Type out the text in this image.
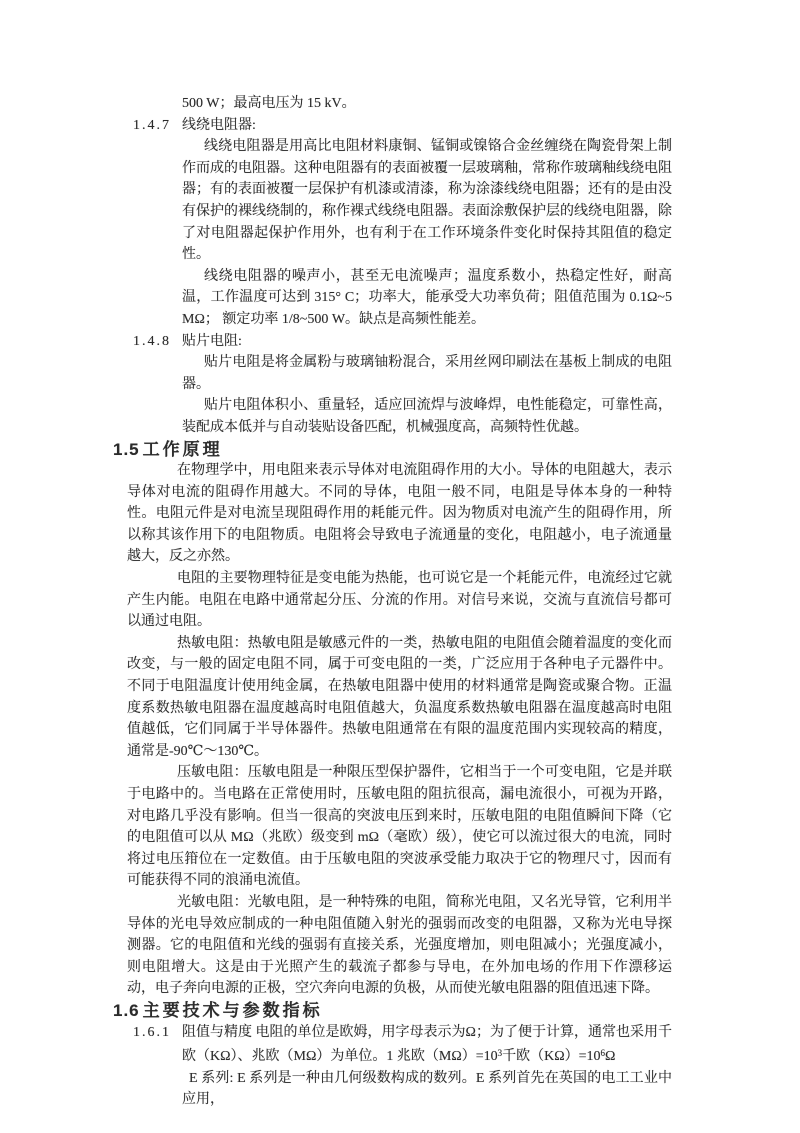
500 W；最高电压为 15 kV。

1.4.7 线绕电阻器:

线绕电阻器是用高比电阻材料康铜、锰铜或镍铬合金丝缠绕在陶瓷骨架上制作而成的电阻器。这种电阻器有的表面被覆一层玻璃釉，常称作玻璃釉线绕电阻器；有的表面被覆一层保护有机漆或清漆，称为涂漆线绕电阻器；还有的是由没有保护的裸线绕制的，称作裸式线绕电阻器。表面涂敷保护层的线绕电阻器，除了对电阻器起保护作用外，也有利于在工作环境条件变化时保持其阻值的稳定性。

线绕电阻器的噪声小，甚至无电流噪声；温度系数小，热稳定性好，耐高温，工作温度可达到 315° C；功率大，能承受大功率负荷；阻值范围为 0.1Ω~5 MΩ； 额定功率 1/8~500 W。缺点是高频性能差。

1.4.8 贴片电阻:

贴片电阻是将金属粉与玻璃铀粉混合，采用丝网印刷法在基板上制成的电阻器。

贴片电阻体积小、重量轻，适应回流焊与波峰焊，电性能稳定，可靠性高，装配成本低并与自动装贴设备匹配，机械强度高，高频特性优越。

1.5 工作原理

在物理学中，用电阻来表示导体对电流阻碍作用的大小。导体的电阻越大，表示导体对电流的阻碍作用越大。不同的导体，电阻一般不同，电阻是导体本身的一种特性。电阻元件是对电流呈现阻碍作用的耗能元件。因为物质对电流产生的阻碍作用，所以称其该作用下的电阻物质。电阻将会导致电子流通量的变化，电阻越小，电子流通量越大，反之亦然。

电阻的主要物理特征是变电能为热能，也可说它是一个耗能元件，电流经过它就产生内能。电阻在电路中通常起分压、分流的作用。对信号来说，交流与直流信号都可以通过电阻。

热敏电阻：热敏电阻是敏感元件的一类，热敏电阻的电阻值会随着温度的变化而改变，与一般的固定电阻不同，属于可变电阻的一类，广泛应用于各种电子元器件中。不同于电阻温度计使用纯金属，在热敏电阻器中使用的材料通常是陶瓷或聚合物。正温度系数热敏电阻器在温度越高时电阻值越大，负温度系数热敏电阻器在温度越高时电阻值越低，它们同属于半导体器件。热敏电阻通常在有限的温度范围内实现较高的精度，通常是-90℃～130℃。

压敏电阻：压敏电阻是一种限压型保护器件，它相当于一个可变电阻，它是并联于电路中的。当电路在正常使用时，压敏电阻的阻抗很高，漏电流很小，可视为开路，对电路几乎没有影响。但当一很高的突波电压到来时，压敏电阻的电阻值瞬间下降（它的电阻值可以从 MΩ（兆欧）级变到 mΩ（毫欧）级），使它可以流过很大的电流，同时将过电压箝位在一定数值。由于压敏电阻的突波承受能力取决于它的物理尺寸，因而有可能获得不同的浪涌电流值。

光敏电阻：光敏电阻，是一种特殊的电阻，简称光电阻，又名光导管，它利用半导体的光电导效应制成的一种电阻值随入射光的强弱而改变的电阻器，又称为光电导探测器。它的电阻值和光线的强弱有直接关系，光强度增加，则电阻减小；光强度减小，则电阻增大。这是由于光照产生的载流子都参与导电，在外加电场的作用下作漂移运动，电子奔向电源的正极，空穴奔向电源的负极，从而使光敏电阻器的阻值迅速下降。

1.6 主要技术与参数指标
1.6.1 阻值与精度 电阻的单位是欧姆，用字母表示为Ω；为了便于计算，通常也采用千欧（KΩ）、兆欧（MΩ）为单位。1 兆欧$(M\Omega)=10^3$千欧$(K\Omega)=10^6\Omega$

E 系列: E 系列是一种由几何级数构成的数列。E 系列首先在英国的电工工业中应用，
